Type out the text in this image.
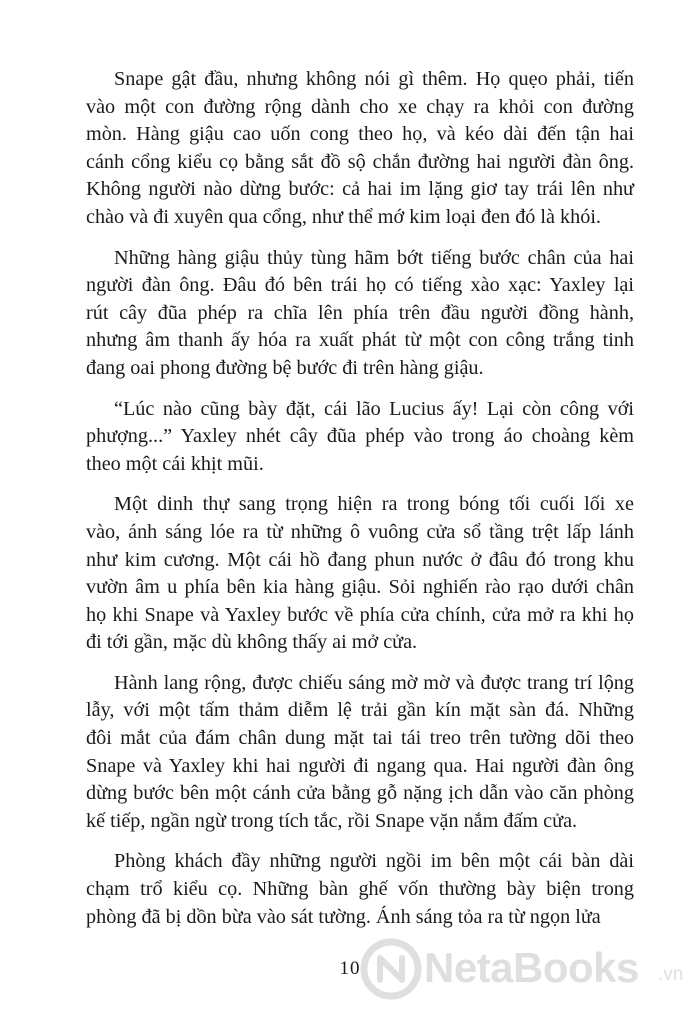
Snape gật đầu, nhưng không nói gì thêm. Họ quẹo phải, tiến
vào một con đường rộng dành cho xe chạy ra khỏi con đường
mòn. Hàng giậu cao uốn cong theo họ, và kéo dài đến tận hai
cánh cổng kiểu cọ bằng sắt đồ sộ chắn đường hai người đàn ông.
Không người nào dừng bước: cả hai im lặng giơ tay trái lên như
chào và đi xuyên qua cổng, như thể mớ kim loại đen đó là khói.

Những hàng giậu thủy tùng hãm bớt tiếng bước chân của hai
người đàn ông. Đâu đó bên trái họ có tiếng xào xạc: Yaxley lại
rút cây đũa phép ra chĩa lên phía trên đầu người đồng hành,
nhưng âm thanh ấy hóa ra xuất phát từ một con công trắng tinh
đang oai phong đường bệ bước đi trên hàng giậu.

“Lúc nào cũng bày đặt, cái lão Lucius ấy! Lại còn công với
phượng...” Yaxley nhét cây đũa phép vào trong áo choàng kèm
theo một cái khịt mũi.

Một dinh thự sang trọng hiện ra trong bóng tối cuối lối xe
vào, ánh sáng lóe ra từ những ô vuông cửa sổ tầng trệt lấp lánh
như kim cương. Một cái hồ đang phun nước ở đâu đó trong khu
vườn âm u phía bên kia hàng giậu. Sỏi nghiến rào rạo dưới chân
họ khi Snape và Yaxley bước về phía cửa chính, cửa mở ra khi họ
đi tới gần, mặc dù không thấy ai mở cửa.

Hành lang rộng, được chiếu sáng mờ mờ và được trang trí lộng
lẫy, với một tấm thảm diễm lệ trải gần kín mặt sàn đá. Những
đôi mắt của đám chân dung mặt tai tái treo trên tường dõi theo
Snape và Yaxley khi hai người đi ngang qua. Hai người đàn ông
dừng bước bên một cánh cửa bằng gỗ nặng ịch dẫn vào căn phòng
kế tiếp, ngần ngừ trong tích tắc, rồi Snape vặn nắm đấm cửa.

Phòng khách đầy những người ngồi im bên một cái bàn dài
chạm trổ kiểu cọ. Những bàn ghế vốn thường bày biện trong
phòng đã bị dồn bừa vào sát tường. Ánh sáng tỏa ra từ ngọn lửa

10	NetaBooks .vn
